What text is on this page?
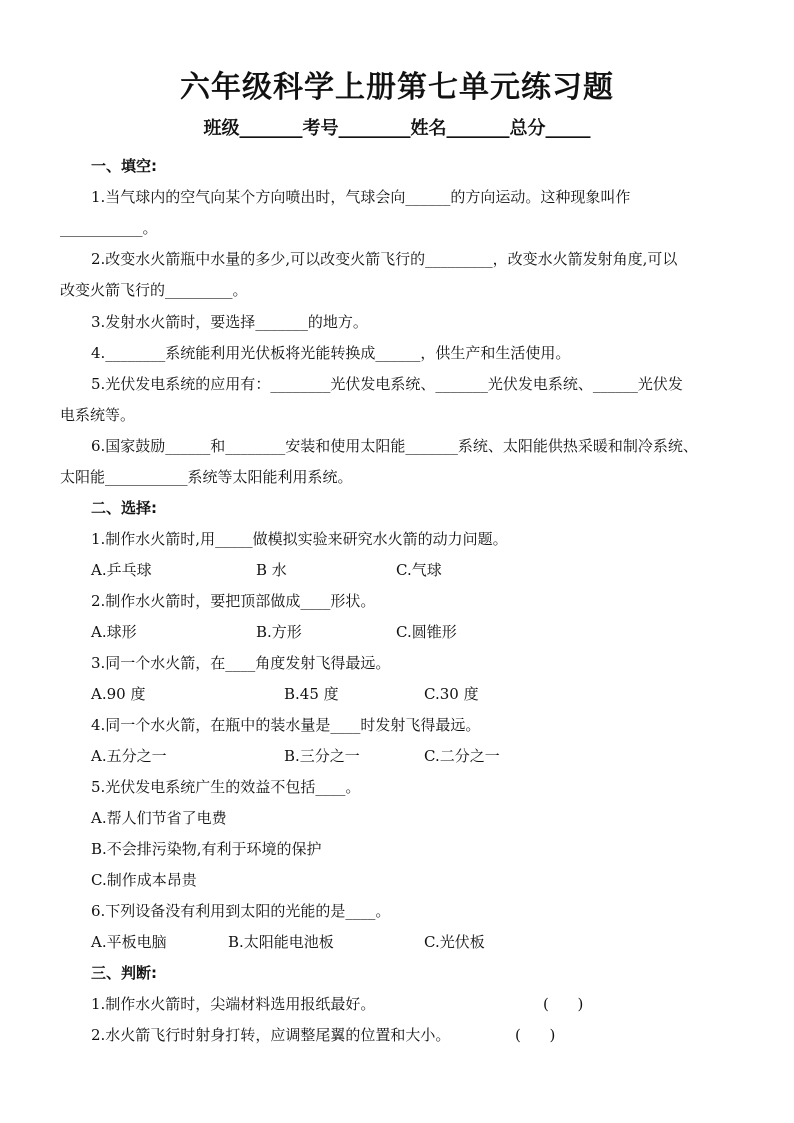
六年级科学上册第七单元练习题
班级_______考号________姓名_______总分_____
一、填空:
1.当气球内的空气向某个方向喷出时，气球会向______的方向运动。这种现象叫作
___________。
2.改变水火箭瓶中水量的多少,可以改变火箭飞行的_________，改变水火箭发射角度,可以
改变火箭飞行的_________。
3.发射水火箭时，要选择_______的地方。
4.________系统能利用光伏板将光能转换成______，供生产和生活使用。
5.光伏发电系统的应用有：________光伏发电系统、_______光伏发电系统、______光伏发
电系统等。
6.国家鼓励______和________安装和使用太阳能_______系统、太阳能供热采暖和制冷系统、
太阳能___________系统等太阳能利用系统。
二、选择:
1.制作水火箭时,用_____做模拟实验来研究水火箭的动力问题。
A.乒乓球	B 水	C.气球
2.制作水火箭时，要把顶部做成____形状。
A.球形	B.方形	C.圆锥形
3.同一个水火箭，在____角度发射飞得最远。
A.90 度	B.45 度	C.30 度
4.同一个水火箭，在瓶中的装水量是____时发射飞得最远。
A.五分之一	B.三分之一	C.二分之一
5.光伏发电系统广生的效益不包括____。
A.帮人们节省了电费
B.不会排污染物,有利于环境的保护
C.制作成本昂贵
6.下列设备没有利用到太阳的光能的是____。
A.平板电脑	B.太阳能电池板	C.光伏板
三、判断:
1.制作水火箭时，尖端材料选用报纸最好。	(      )
2.水火箭飞行时射身打转，应调整尾翼的位置和大小。	(      )
